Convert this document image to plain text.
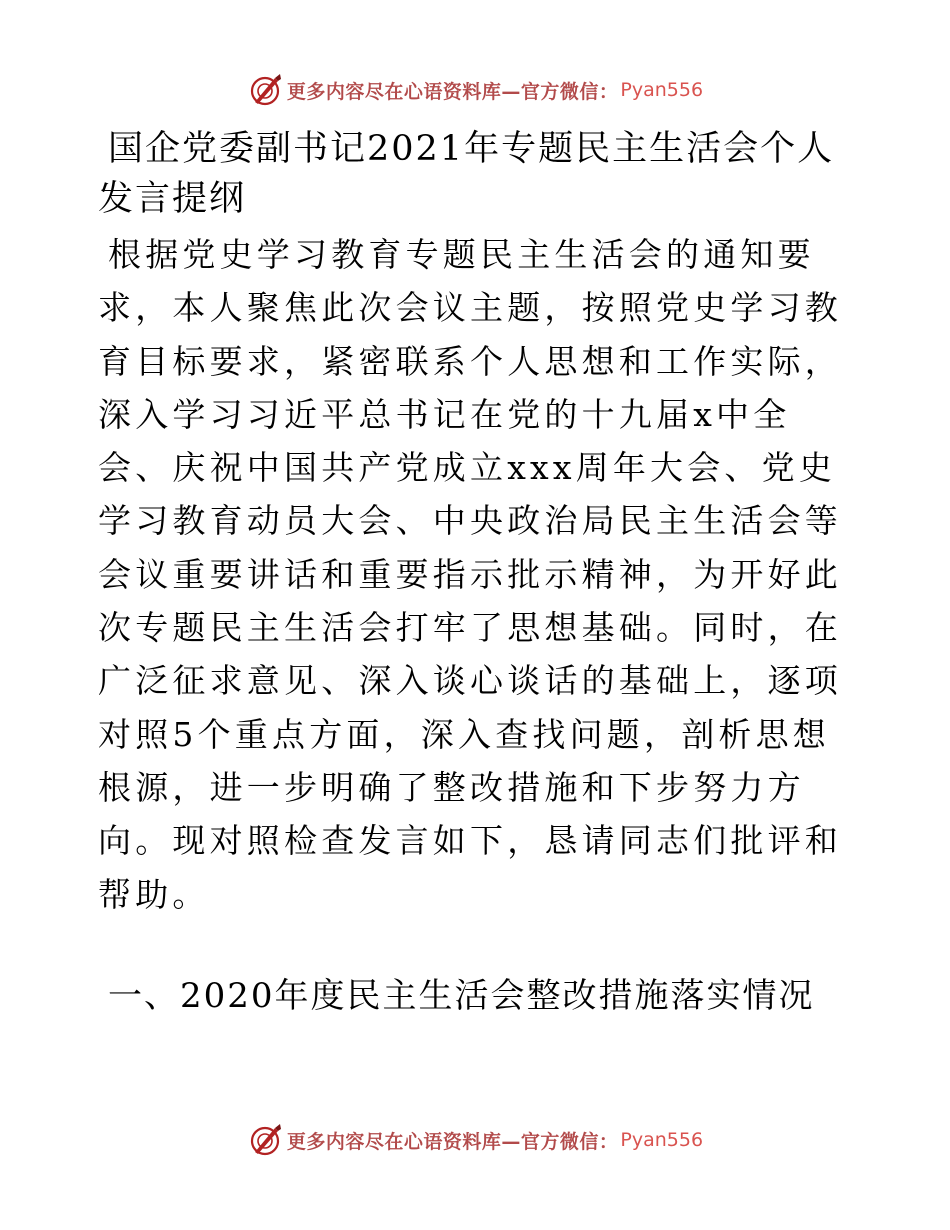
更多内容尽在心语资料库—官方微信： Pyan556
国企党委副书记2021年专题民主生活会个人发言提纲

根据党史学习教育专题民主生活会的通知要求，本人聚焦此次会议主题，按照党史学习教育目标要求，紧密联系个人思想和工作实际，深入学习习近平总书记在党的十九届x中全会、庆祝中国共产党成立xxx周年大会、党史学习教育动员大会、中央政治局民主生活会等会议重要讲话和重要指示批示精神，为开好此次专题民主生活会打牢了思想基础。同时，在广泛征求意见、深入谈心谈话的基础上，逐项对照5个重点方面，深入查找问题，剖析思想根源，进一步明确了整改措施和下步努力方向。现对照检查发言如下，恳请同志们批评和帮助。

一、2020年度民主生活会整改措施落实情况
更多内容尽在心语资料库—官方微信： Pyan556
